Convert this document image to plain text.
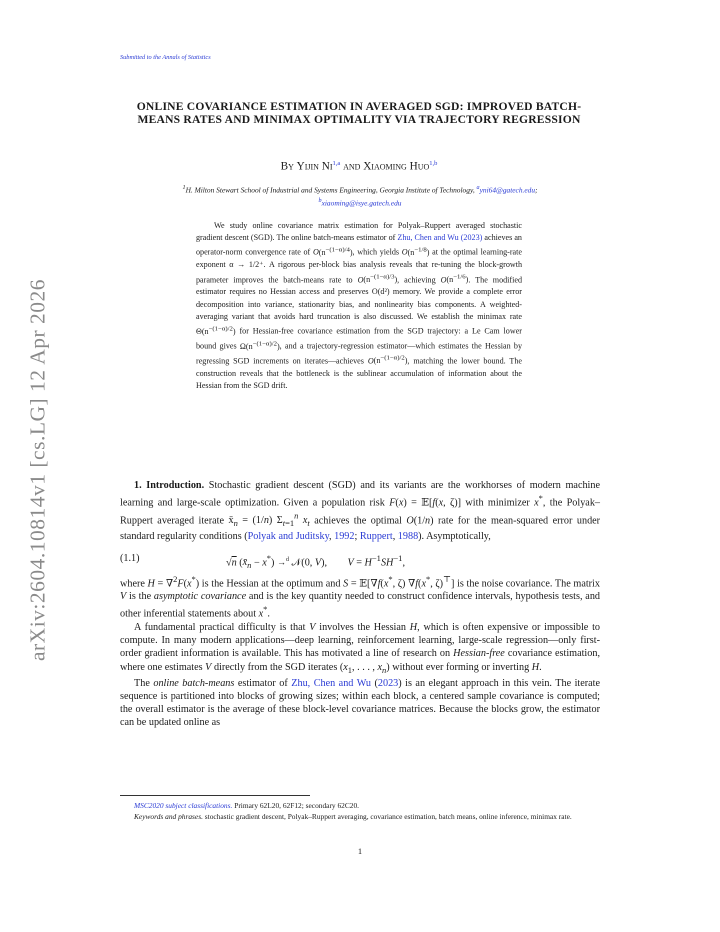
Submitted to the Annals of Statistics
arXiv:2604.10814v1 [cs.LG] 12 Apr 2026
ONLINE COVARIANCE ESTIMATION IN AVERAGED SGD: IMPROVED BATCH-MEANS RATES AND MINIMAX OPTIMALITY VIA TRAJECTORY REGRESSION
By Yijin Ni$^{1,a}$ and Xiaoming Huo$^{1,b}$
$^1$H. Milton Stewart School of Industrial and Systems Engineering, Georgia Institute of Technology, $^a$yni64@gatech.edu;
$^b$xiaoming@isye.gatech.edu

We study online covariance matrix estimation for Polyak–Ruppert averaged stochastic gradient descent (SGD). The online batch-means estimator of Zhu, Chen and Wu (2023) achieves an operator-norm convergence rate of $O(n^{-(1-\alpha)/4})$, which yields $O(n^{-1/8})$ at the optimal learning-rate exponent α → 1/2⁺. A rigorous per-block bias analysis reveals that re-tuning the block-growth parameter improves the batch-means rate to $O(n^{-(1-\alpha)/3})$, achieving $O(n^{-1/6})$. The modified estimator requires no Hessian access and preserves O(d²) memory. We provide a complete error decomposition into variance, stationarity bias, and nonlinearity bias components. A weighted-averaging variant that avoids hard truncation is also discussed. We establish the minimax rate $\Theta(n^{-(1-\alpha)/2})$ for Hessian-free covariance estimation from the SGD trajectory: a Le Cam lower bound gives $\Omega(n^{-(1-\alpha)/2})$, and a trajectory-regression estimator—which estimates the Hessian by regressing SGD increments on iterates—achieves $O(n^{-(1-\alpha)/2})$, matching the lower bound. The construction reveals that the bottleneck is the sublinear accumulation of information about the Hessian from the SGD drift.

1. Introduction. Stochastic gradient descent (SGD) and its variants are the workhorses of modern machine learning and large-scale optimization. Given a population risk F(x) = 𝔼[f(x, ζ)] with minimizer x*, the Polyak–Ruppert averaged iterate $x̄_n = (1/n)$ $\Sigma_{t=1}^n$ $x_t$ achieves the optimal O(1/n) rate for the mean-squared error under standard regularity conditions (Polyak and Juditsky, 1992; Ruppert, 1988). Asymptotically,

(1.1)	√n $(x̄_n - x^*) \to^d$ 𝒩(0, V),        $V = H^{-1}SH^{-1}$,

where H = ∇$^2$F(x*) is the Hessian at the optimum and S = 𝔼[∇f(x*, ζ) ∇f(x*, ζ)⊤] is the noise covariance. The matrix V is the asymptotic covariance and is the key quantity needed to construct confidence intervals, hypothesis tests, and other inferential statements about x*.

A fundamental practical difficulty is that V involves the Hessian H, which is often expensive or impossible to compute. In many modern applications—deep learning, reinforcement learning, large-scale regression—only first-order gradient information is available. This has motivated a line of research on Hessian-free covariance estimation, where one estimates V directly from the SGD iterates ($x_1$, . . . , $x_n$) without ever forming or inverting H.

The online batch-means estimator of Zhu, Chen and Wu (2023) is an elegant approach in this vein. The iterate sequence is partitioned into blocks of growing sizes; within each block, a centered sample covariance is computed; the overall estimator is the average of these block-level covariance matrices. Because the blocks grow, the estimator can be updated online as

MSC2020 subject classifications. Primary 62L20, 62F12; secondary 62C20.

Keywords and phrases. stochastic gradient descent, Polyak–Ruppert averaging, covariance estimation, batch means, online inference, minimax rate.

1
